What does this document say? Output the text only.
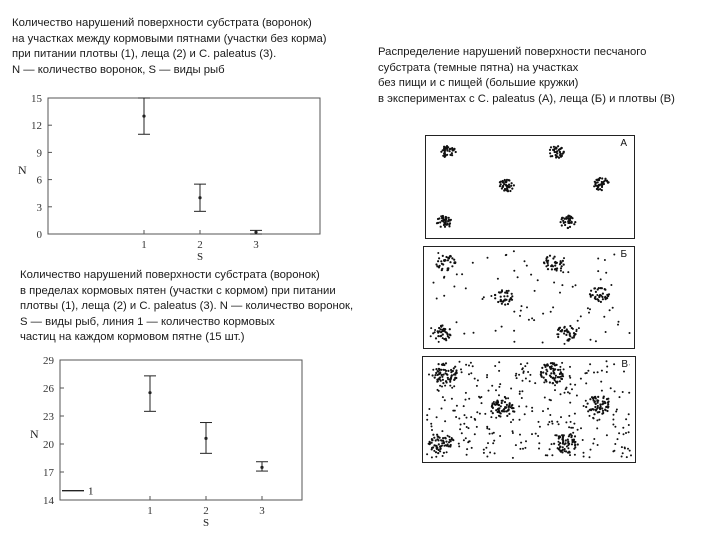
Количество нарушений поверхности субстрата (воронок)
на участках между кормовыми пятнами (участки без корма)
при питании плотвы (1), леща (2) и C. paleatus (3).
N — количество воронок, S — виды рыб
Количество нарушений поверхности субстрата (воронок)
в пределах кормовых пятен (участки с кормом) при питании
плотвы (1), леща (2) и C. paleatus (3). N — количество воронок,
S — виды рыб, линия 1 — количество кормовых
частиц на каждом кормовом пятне (15 шт.)
Распределение нарушений поверхности песчаного
субстрата (темные пятна) на участках
без пищи и с пищей (большие кружки)
в экспериментах с C. paleatus (А), леща (Б) и плотвы (В)
0
3
6
9
12
15
N
1	2	3
S
14
17
20
23
26
29
N
1	2	3
S
1
А
Б
В
